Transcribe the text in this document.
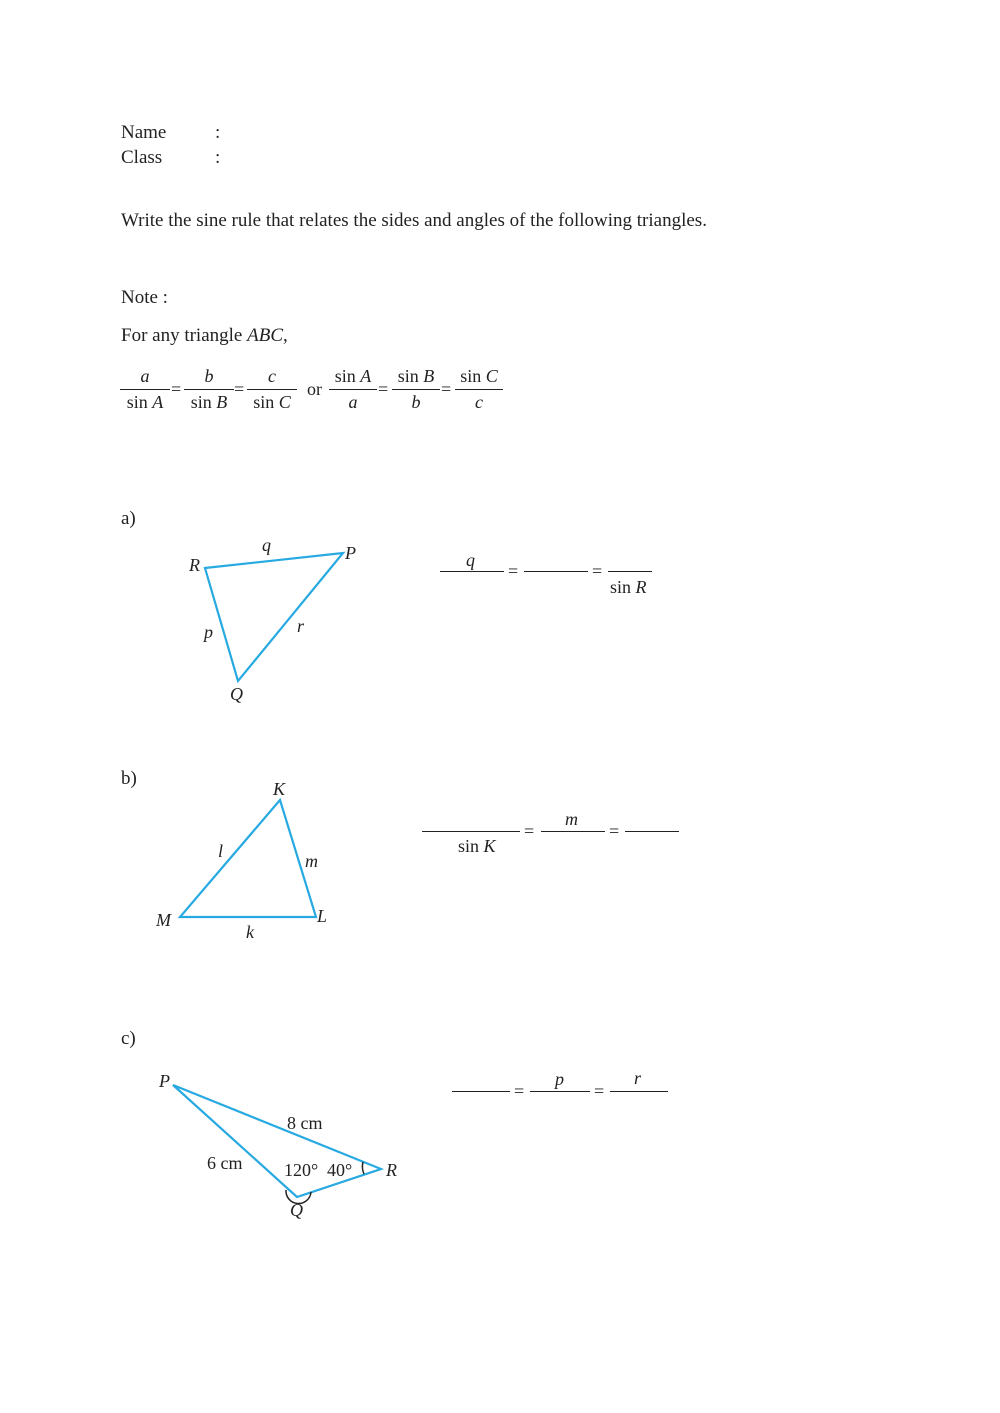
Name	:
Class	:
Write the sine rule that relates the sides and angles of the following triangles.
Note :
For any triangle ABC,
$\frac{a}{\text{sin A}} = \frac{b}{\text{sin B}} = \frac{c}{\text{sin C}}$ or $\frac{\text{sin A}}{a} = \frac{\text{sin B}}{b} = \frac{\text{sin C}}{c}$
a)
R
P
Q
q
p	r
q
=	=
sin R
b)	K
M	L
l	m
k
sin K
=
m
=
c)
P
R
Q
8 cm
6 cm 120° 40°
=
p
=
r
